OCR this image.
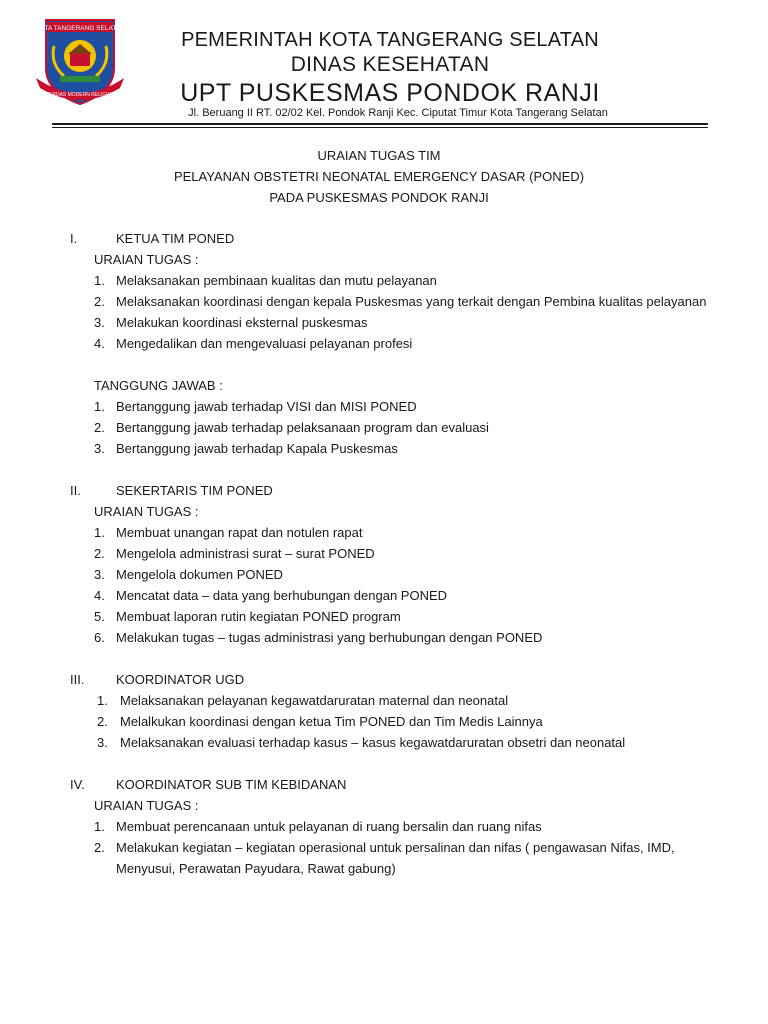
KOTA TANGERANG SELATAN
CERDAS MODERN RELIGIUS
PEMERINTAH KOTA TANGERANG SELATAN
DINAS KESEHATAN
UPT PUSKESMAS PONDOK RANJI
Jl. Beruang II RT. 02/02 Kel. Pondok Ranji Kec. Ciputat Timur Kota Tangerang Selatan
URAIAN TUGAS TIM
PELAYANAN OBSTETRI NEONATAL EMERGENCY DASAR (PONED)
PADA PUSKESMAS PONDOK RANJI
I.	KETUA TIM PONED
URAIAN TUGAS :
1. Melaksanakan pembinaan kualitas dan mutu pelayanan
2. Melaksanakan koordinasi dengan kepala Puskesmas yang terkait dengan Pembina kualitas pelayanan
3. Melakukan koordinasi eksternal puskesmas
4. Mengedalikan dan mengevaluasi pelayanan profesi
TANGGUNG JAWAB :
1. Bertanggung jawab terhadap VISI dan MISI PONED
2. Bertanggung jawab terhadap pelaksanaan program dan evaluasi
3. Bertanggung jawab terhadap Kapala Puskesmas
II.	SEKERTARIS TIM PONED
URAIAN TUGAS :
1. Membuat unangan rapat dan notulen rapat
2. Mengelola administrasi surat – surat PONED
3. Mengelola dokumen PONED
4. Mencatat data – data yang berhubungan dengan PONED
5. Membuat laporan rutin kegiatan PONED program
6. Melakukan tugas – tugas administrasi yang berhubungan dengan PONED
III.	KOORDINATOR UGD
1. Melaksanakan pelayanan kegawatdaruratan maternal dan neonatal
2. Melalkukan koordinasi dengan ketua Tim PONED dan Tim Medis Lainnya
3. Melaksanakan evaluasi terhadap kasus – kasus kegawatdaruratan obsetri dan neonatal
IV.	KOORDINATOR SUB TIM KEBIDANAN
URAIAN TUGAS :
1. Membuat perencanaan untuk pelayanan di ruang bersalin dan ruang nifas
2. Melakukan kegiatan – kegiatan operasional untuk persalinan dan nifas ( pengawasan Nifas, IMD, Menyusui, Perawatan Payudara, Rawat gabung)
